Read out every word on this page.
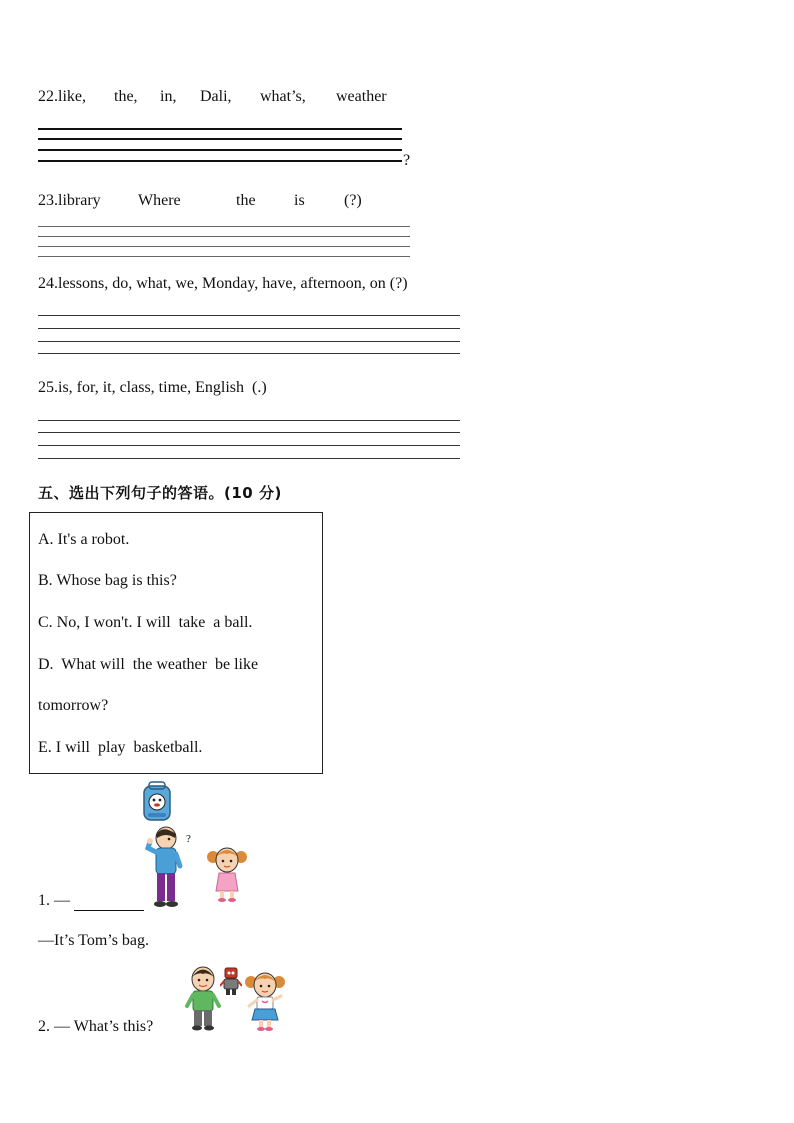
22. like,	the,	in,	Dali,	what’s,	weather
?
23. library	Where	the	is	(?)
24. lessons, do, what, we, Monday, have, afternoon, on (?)
25. is, for, it, class, time, English  (.)
五、选出下列句子的答语。(10 分)
A. It's a robot.
B. Whose bag is this?
C. No, I won't. I will  take  a ball.
D.  What will  the weather  be like
tomorrow?
E. I will  play  basketball.
?
1. —
—It’s Tom’s bag.
2. — What’s this?
